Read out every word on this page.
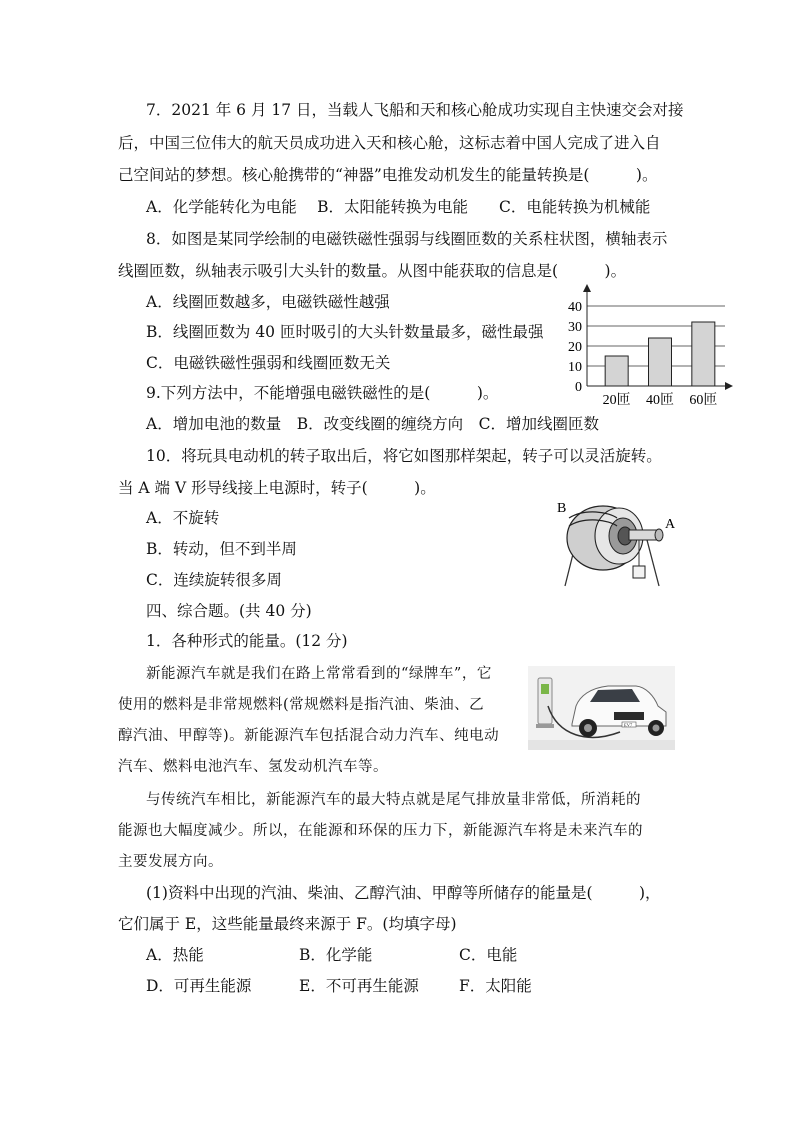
7．2021 年 6 月 17 日，当载人飞船和天和核心舱成功实现自主快速交会对接
后，中国三位伟大的航天员成功进入天和核心舱，这标志着中国人完成了进入自
己空间站的梦想。核心舱携带的“神器”电推发动机发生的能量转换是(　　　)。
A．化学能转化为电能　 B．太阳能转换为电能　　C．电能转换为机械能
8．如图是某同学绘制的电磁铁磁性强弱与线圈匝数的关系柱状图，横轴表示
线圈匝数，纵轴表示吸引大头针的数量。从图中能获取的信息是(　　　)。
A．线圈匝数越多，电磁铁磁性越强
B．线圈匝数为 40 匝时吸引的大头针数量最多，磁性最强
C．电磁铁磁性强弱和线圈匝数无关
0
10
20
30
40
20匝 40匝 60匝
9.下列方法中，不能增强电磁铁磁性的是(　　　)。
A．增加电池的数量　B．改变线圈的缠绕方向　C．增加线圈匝数
10．将玩具电动机的转子取出后，将它如图那样架起，转子可以灵活旋转。
当 A 端 V 形导线接上电源时，转子(　　　)。
A．不旋转
B．转动，但不到半周
C．连续旋转很多周
B
A
四、综合题。(共 40 分)
1．各种形式的能量。(12 分)
新能源汽车就是我们在路上常常看到的“绿牌车”，它
使用的燃料是非常规燃料(常规燃料是指汽油、柴油、乙
醇汽油、甲醇等)。新能源汽车包括混合动力汽车、纯电动
汽车、燃料电池汽车、氢发动机汽车等。
EV7
与传统汽车相比，新能源汽车的最大特点就是尾气排放量非常低，所消耗的
能源也大幅度减少。所以，在能源和环保的压力下，新能源汽车将是未来汽车的
主要发展方向。
(1)资料中出现的汽油、柴油、乙醇汽油、甲醇等所储存的能量是(　　　)，
它们属于 E，这些能量最终来源于 F。(均填字母)
A．热能	B．化学能	C．电能
D．可再生能源	E．不可再生能源	F．太阳能
